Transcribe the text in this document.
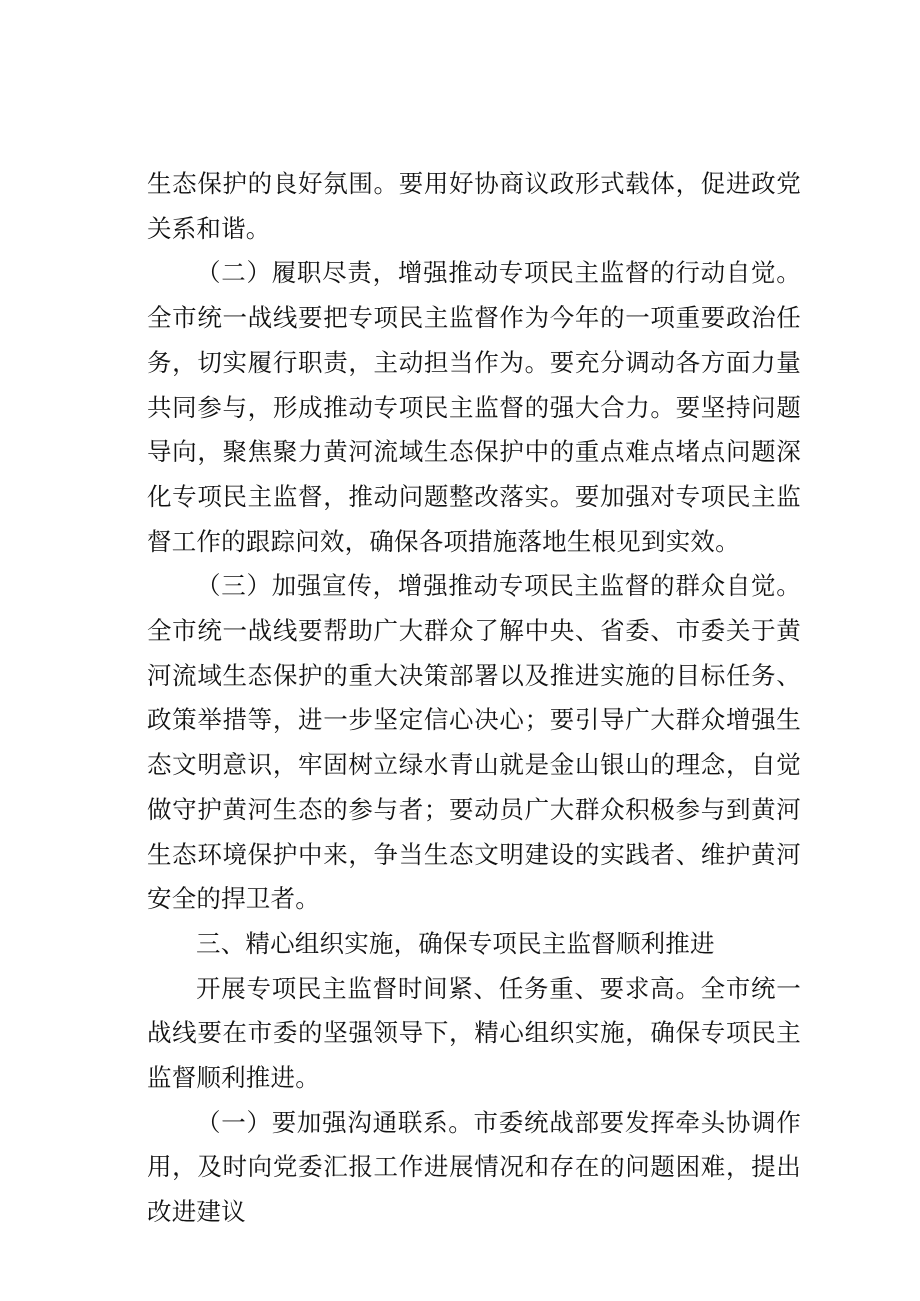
生态保护的良好氛围。要用好协商议政形式载体，促进政党关系和谐。

（二）履职尽责，增强推动专项民主监督的行动自觉。全市统一战线要把专项民主监督作为今年的一项重要政治任务，切实履行职责，主动担当作为。要充分调动各方面力量共同参与，形成推动专项民主监督的强大合力。要坚持问题导向，聚焦聚力黄河流域生态保护中的重点难点堵点问题深化专项民主监督，推动问题整改落实。要加强对专项民主监督工作的跟踪问效，确保各项措施落地生根见到实效。

（三）加强宣传，增强推动专项民主监督的群众自觉。全市统一战线要帮助广大群众了解中央、省委、市委关于黄河流域生态保护的重大决策部署以及推进实施的目标任务、政策举措等，进一步坚定信心决心；要引导广大群众增强生态文明意识，牢固树立绿水青山就是金山银山的理念，自觉做守护黄河生态的参与者；要动员广大群众积极参与到黄河生态环境保护中来，争当生态文明建设的实践者、维护黄河安全的捍卫者。

三、精心组织实施，确保专项民主监督顺利推进

开展专项民主监督时间紧、任务重、要求高。全市统一战线要在市委的坚强领导下，精心组织实施，确保专项民主监督顺利推进。

（一）要加强沟通联系。市委统战部要发挥牵头协调作用，及时向党委汇报工作进展情况和存在的问题困难，提出改进建议
